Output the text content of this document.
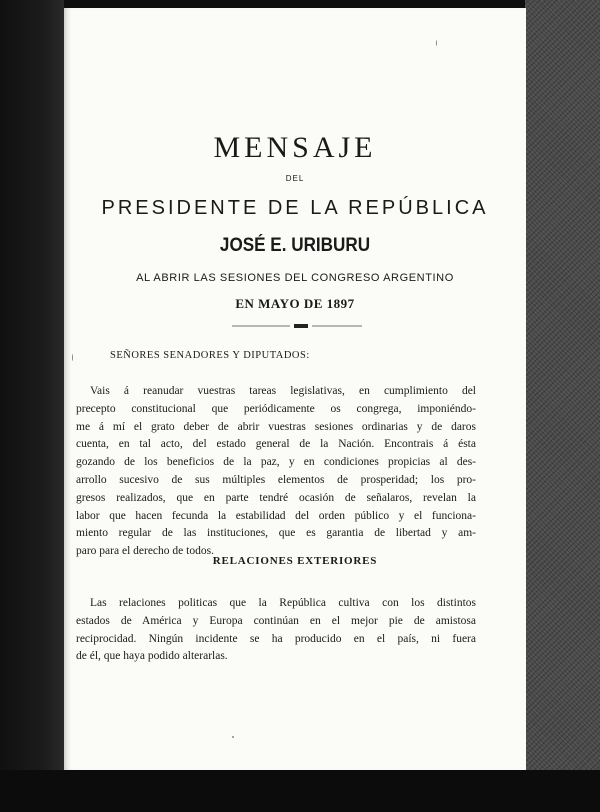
MENSAJE
DEL
PRESIDENTE DE LA REPÚBLICA
JOSÉ E. URIBURU
AL ABRIR LAS SESIONES DEL CONGRESO ARGENTINO
EN MAYO DE 1897
SEÑORES SENADORES Y DIPUTADOS:
Vais á reanudar vuestras tareas legislativas, en cumplimiento del
precepto constitucional que periódicamente os congrega, imponiéndo-
me á mí el grato deber de abrir vuestras sesiones ordinarias y de daros
cuenta, en tal acto, del estado general de la Nación. Encontrais á ésta
gozando de los beneficios de la paz, y en condiciones propicias al des-
arrollo sucesivo de sus múltiples elementos de prosperidad; los pro-
gresos realizados, que en parte tendré ocasión de señalaros, revelan la
labor que hacen fecunda la estabilidad del orden público y el funciona-
miento regular de las instituciones, que es garantia de libertad y am-
paro para el derecho de todos.
RELACIONES EXTERIORES
Las relaciones politicas que la República cultiva con los distintos
estados de América y Europa continúan en el mejor pie de amistosa
reciprocidad. Ningún incidente se ha producido en el país, ni fuera
de él, que haya podido alterarlas.
